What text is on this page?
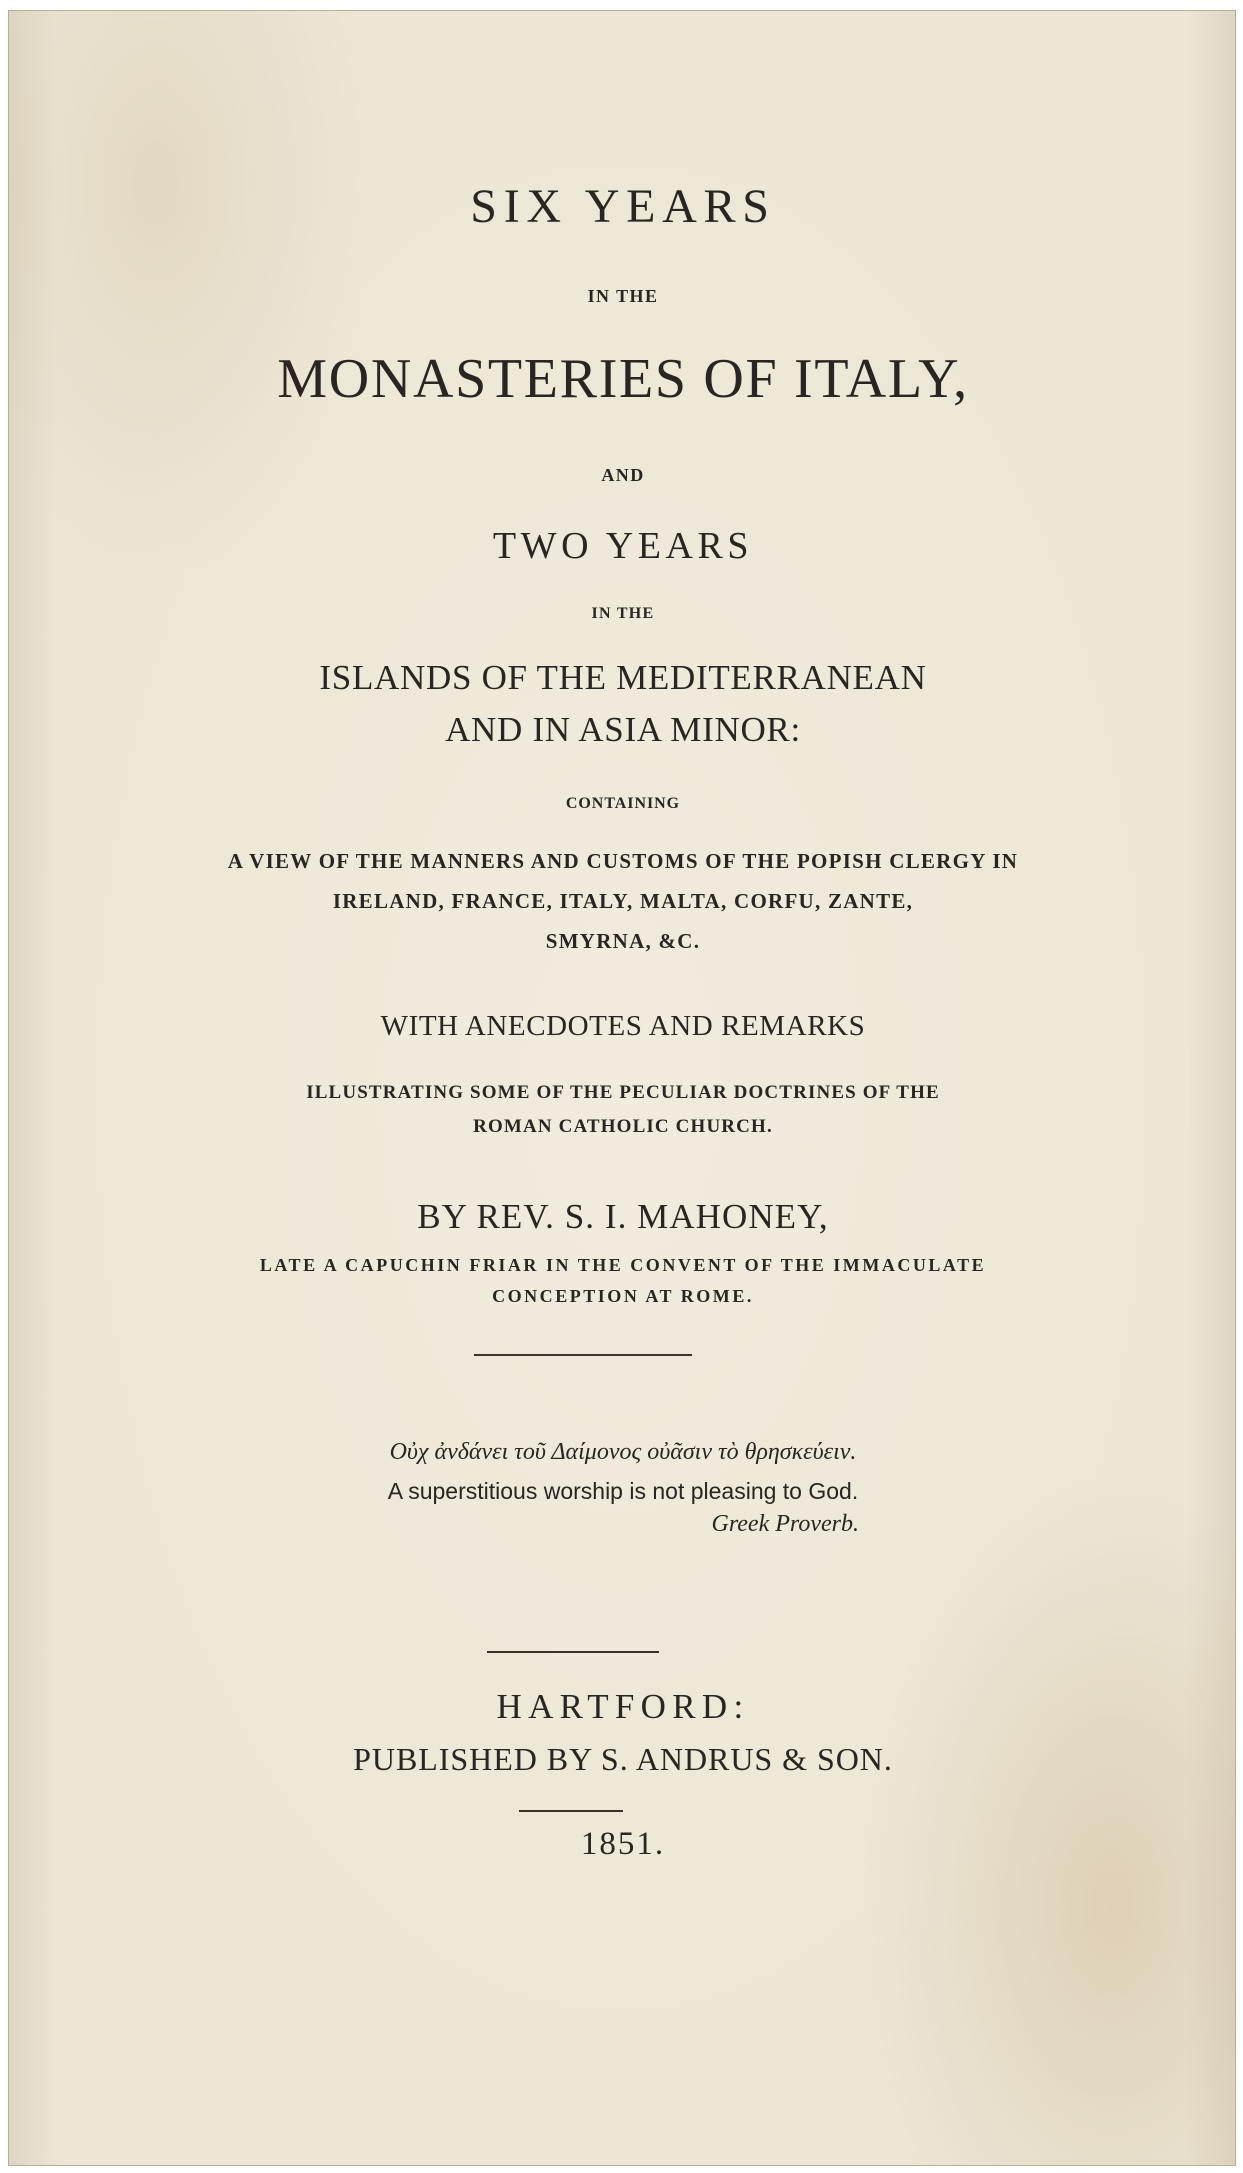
SIX YEARS

IN THE

MONASTERIES OF ITALY,

AND

TWO YEARS

IN THE

ISLANDS OF THE MEDITERRANEAN

AND IN ASIA MINOR:

CONTAINING

A VIEW OF THE MANNERS AND CUSTOMS OF THE POPISH CLERGY IN

IRELAND, FRANCE, ITALY, MALTA, CORFU, ZANTE,

SMYRNA, &C.

WITH ANECDOTES AND REMARKS

ILLUSTRATING SOME OF THE PECULIAR DOCTRINES OF THE

ROMAN CATHOLIC CHURCH.

BY REV. S. I. MAHONEY,

LATE A CAPUCHIN FRIAR IN THE CONVENT OF THE IMMACULATE

CONCEPTION AT ROME.

Οὐχ ἀνδάνει τοῦ Δαίμονος οὐᾶσιν τὸ θρησκεύειν.

A superstitious worship is not pleasing to God.

Greek Proverb.

HARTFORD:

PUBLISHED BY S. ANDRUS & SON.

1851.
